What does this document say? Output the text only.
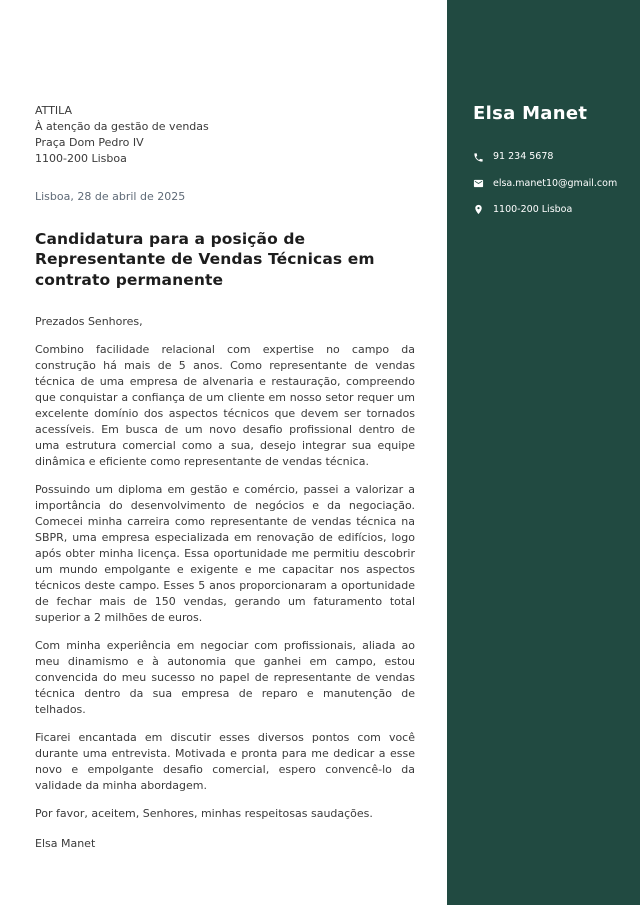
ATTILA
À atenção da gestão de vendas
Praça Dom Pedro IV
1100-200 Lisboa
Lisboa, 28 de abril de 2025
Candidatura para a posição de Representante de Vendas Técnicas em contrato permanente
Prezados Senhores,

Combino facilidade relacional com expertise no campo da construção há mais de 5 anos. Como representante de vendas técnica de uma empresa de alvenaria e restauração, compreendo que conquistar a confiança de um cliente em nosso setor requer um excelente domínio dos aspectos técnicos que devem ser tornados acessíveis. Em busca de um novo desafio profissional dentro de uma estrutura comercial como a sua, desejo integrar sua equipe dinâmica e eficiente como representante de vendas técnica.

Possuindo um diploma em gestão e comércio, passei a valorizar a importância do desenvolvimento de negócios e da negociação. Comecei minha carreira como representante de vendas técnica na SBPR, uma empresa especializada em renovação de edifícios, logo após obter minha licença. Essa oportunidade me permitiu descobrir um mundo empolgante e exigente e me capacitar nos aspectos técnicos deste campo. Esses 5 anos proporcionaram a oportunidade de fechar mais de 150 vendas, gerando um faturamento total superior a 2 milhões de euros.

Com minha experiência em negociar com profissionais, aliada ao meu dinamismo e à autonomia que ganhei em campo, estou convencida do meu sucesso no papel de representante de vendas técnica dentro da sua empresa de reparo e manutenção de telhados.

Ficarei encantada em discutir esses diversos pontos com você durante uma entrevista. Motivada e pronta para me dedicar a esse novo e empolgante desafio comercial, espero convencê-lo da validade da minha abordagem.

Por favor, aceitem, Senhores, minhas respeitosas saudações.
Elsa Manet
Elsa Manet
91 234 5678
elsa.manet10@gmail.com
1100-200 Lisboa
